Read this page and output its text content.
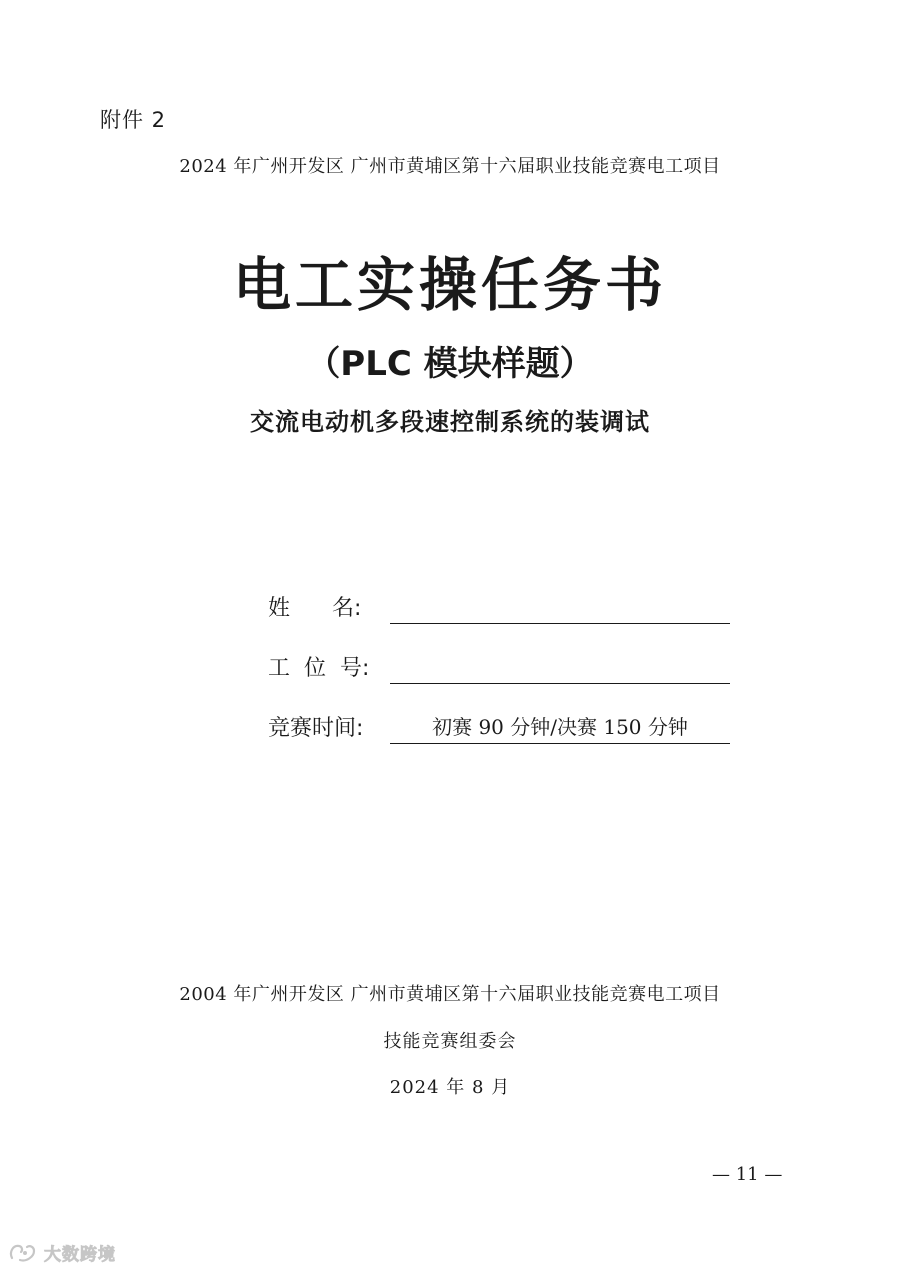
附件 2
2024 年广州开发区 广州市黄埔区第十六届职业技能竞赛电工项目
电工实操任务书
（PLC 模块样题）
交流电动机多段速控制系统的装调试
姓      名:
工  位  号:
竞赛时间:	初赛 90 分钟/决赛 150 分钟
2004 年广州开发区 广州市黄埔区第十六届职业技能竞赛电工项目
技能竞赛组委会
2024 年 8 月
— 11 —
大数跨境
